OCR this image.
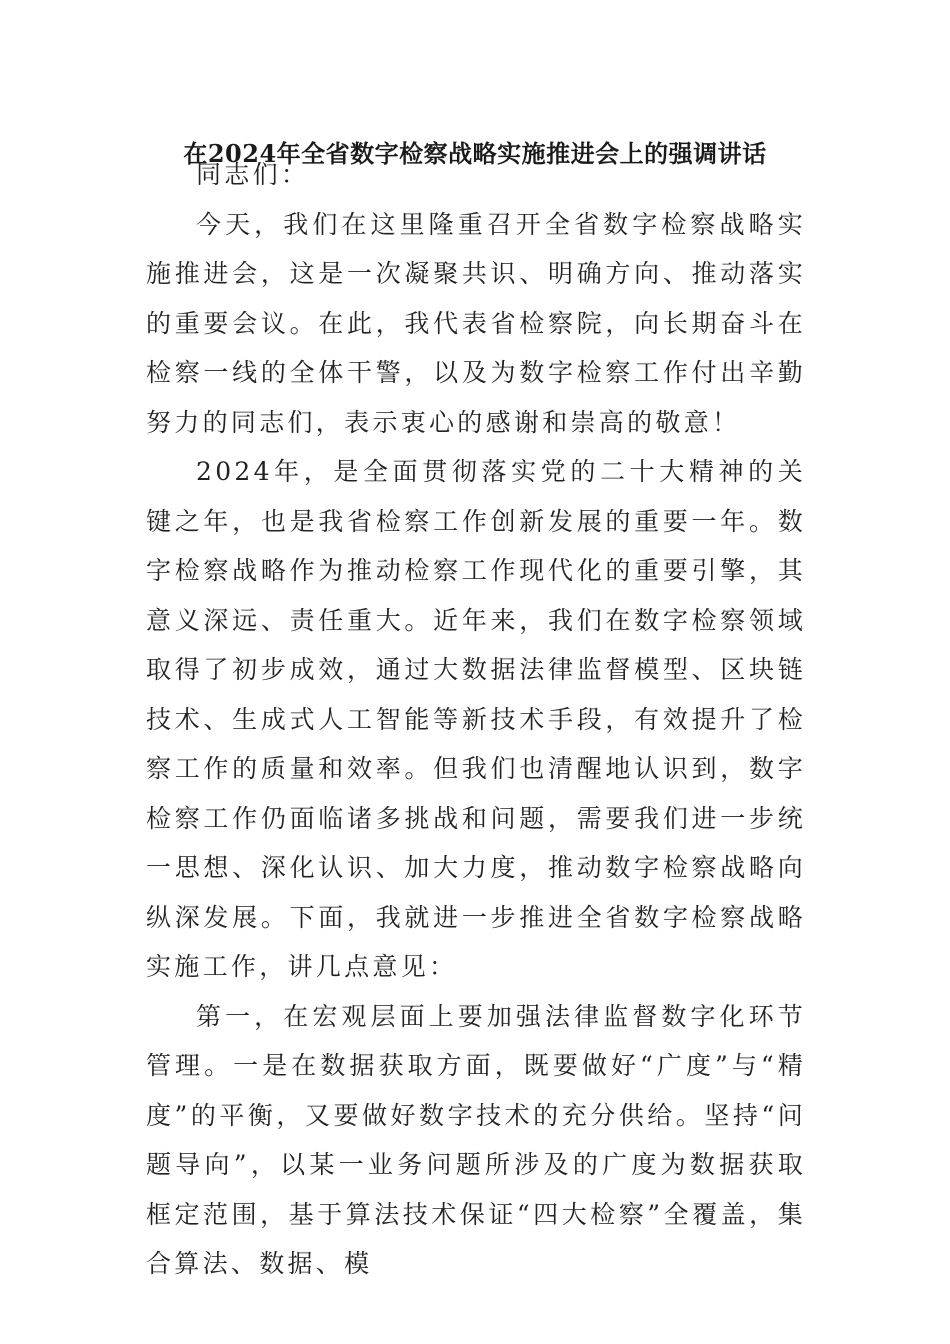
在2024年全省数字检察战略实施推进会上的强调讲话

同志们：

今天，我们在这里隆重召开全省数字检察战略实施推进会，这是一次凝聚共识、明确方向、推动落实的重要会议。在此，我代表省检察院，向长期奋斗在检察一线的全体干警，以及为数字检察工作付出辛勤努力的同志们，表示衷心的感谢和崇高的敬意！

2024年，是全面贯彻落实党的二十大精神的关键之年，也是我省检察工作创新发展的重要一年。数字检察战略作为推动检察工作现代化的重要引擎，其意义深远、责任重大。近年来，我们在数字检察领域取得了初步成效，通过大数据法律监督模型、区块链技术、生成式人工智能等新技术手段，有效提升了检察工作的质量和效率。但我们也清醒地认识到，数字检察工作仍面临诸多挑战和问题，需要我们进一步统一思想、深化认识、加大力度，推动数字检察战略向纵深发展。下面，我就进一步推进全省数字检察战略实施工作，讲几点意见：

第一，在宏观层面上要加强法律监督数字化环节管理。一是在数据获取方面，既要做好“广度”与“精度”的平衡，又要做好数字技术的充分供给。坚持“问题导向”，以某一业务问题所涉及的广度为数据获取框定范围，基于算法技术保证“四大检察”全覆盖，集合算法、数据、模
